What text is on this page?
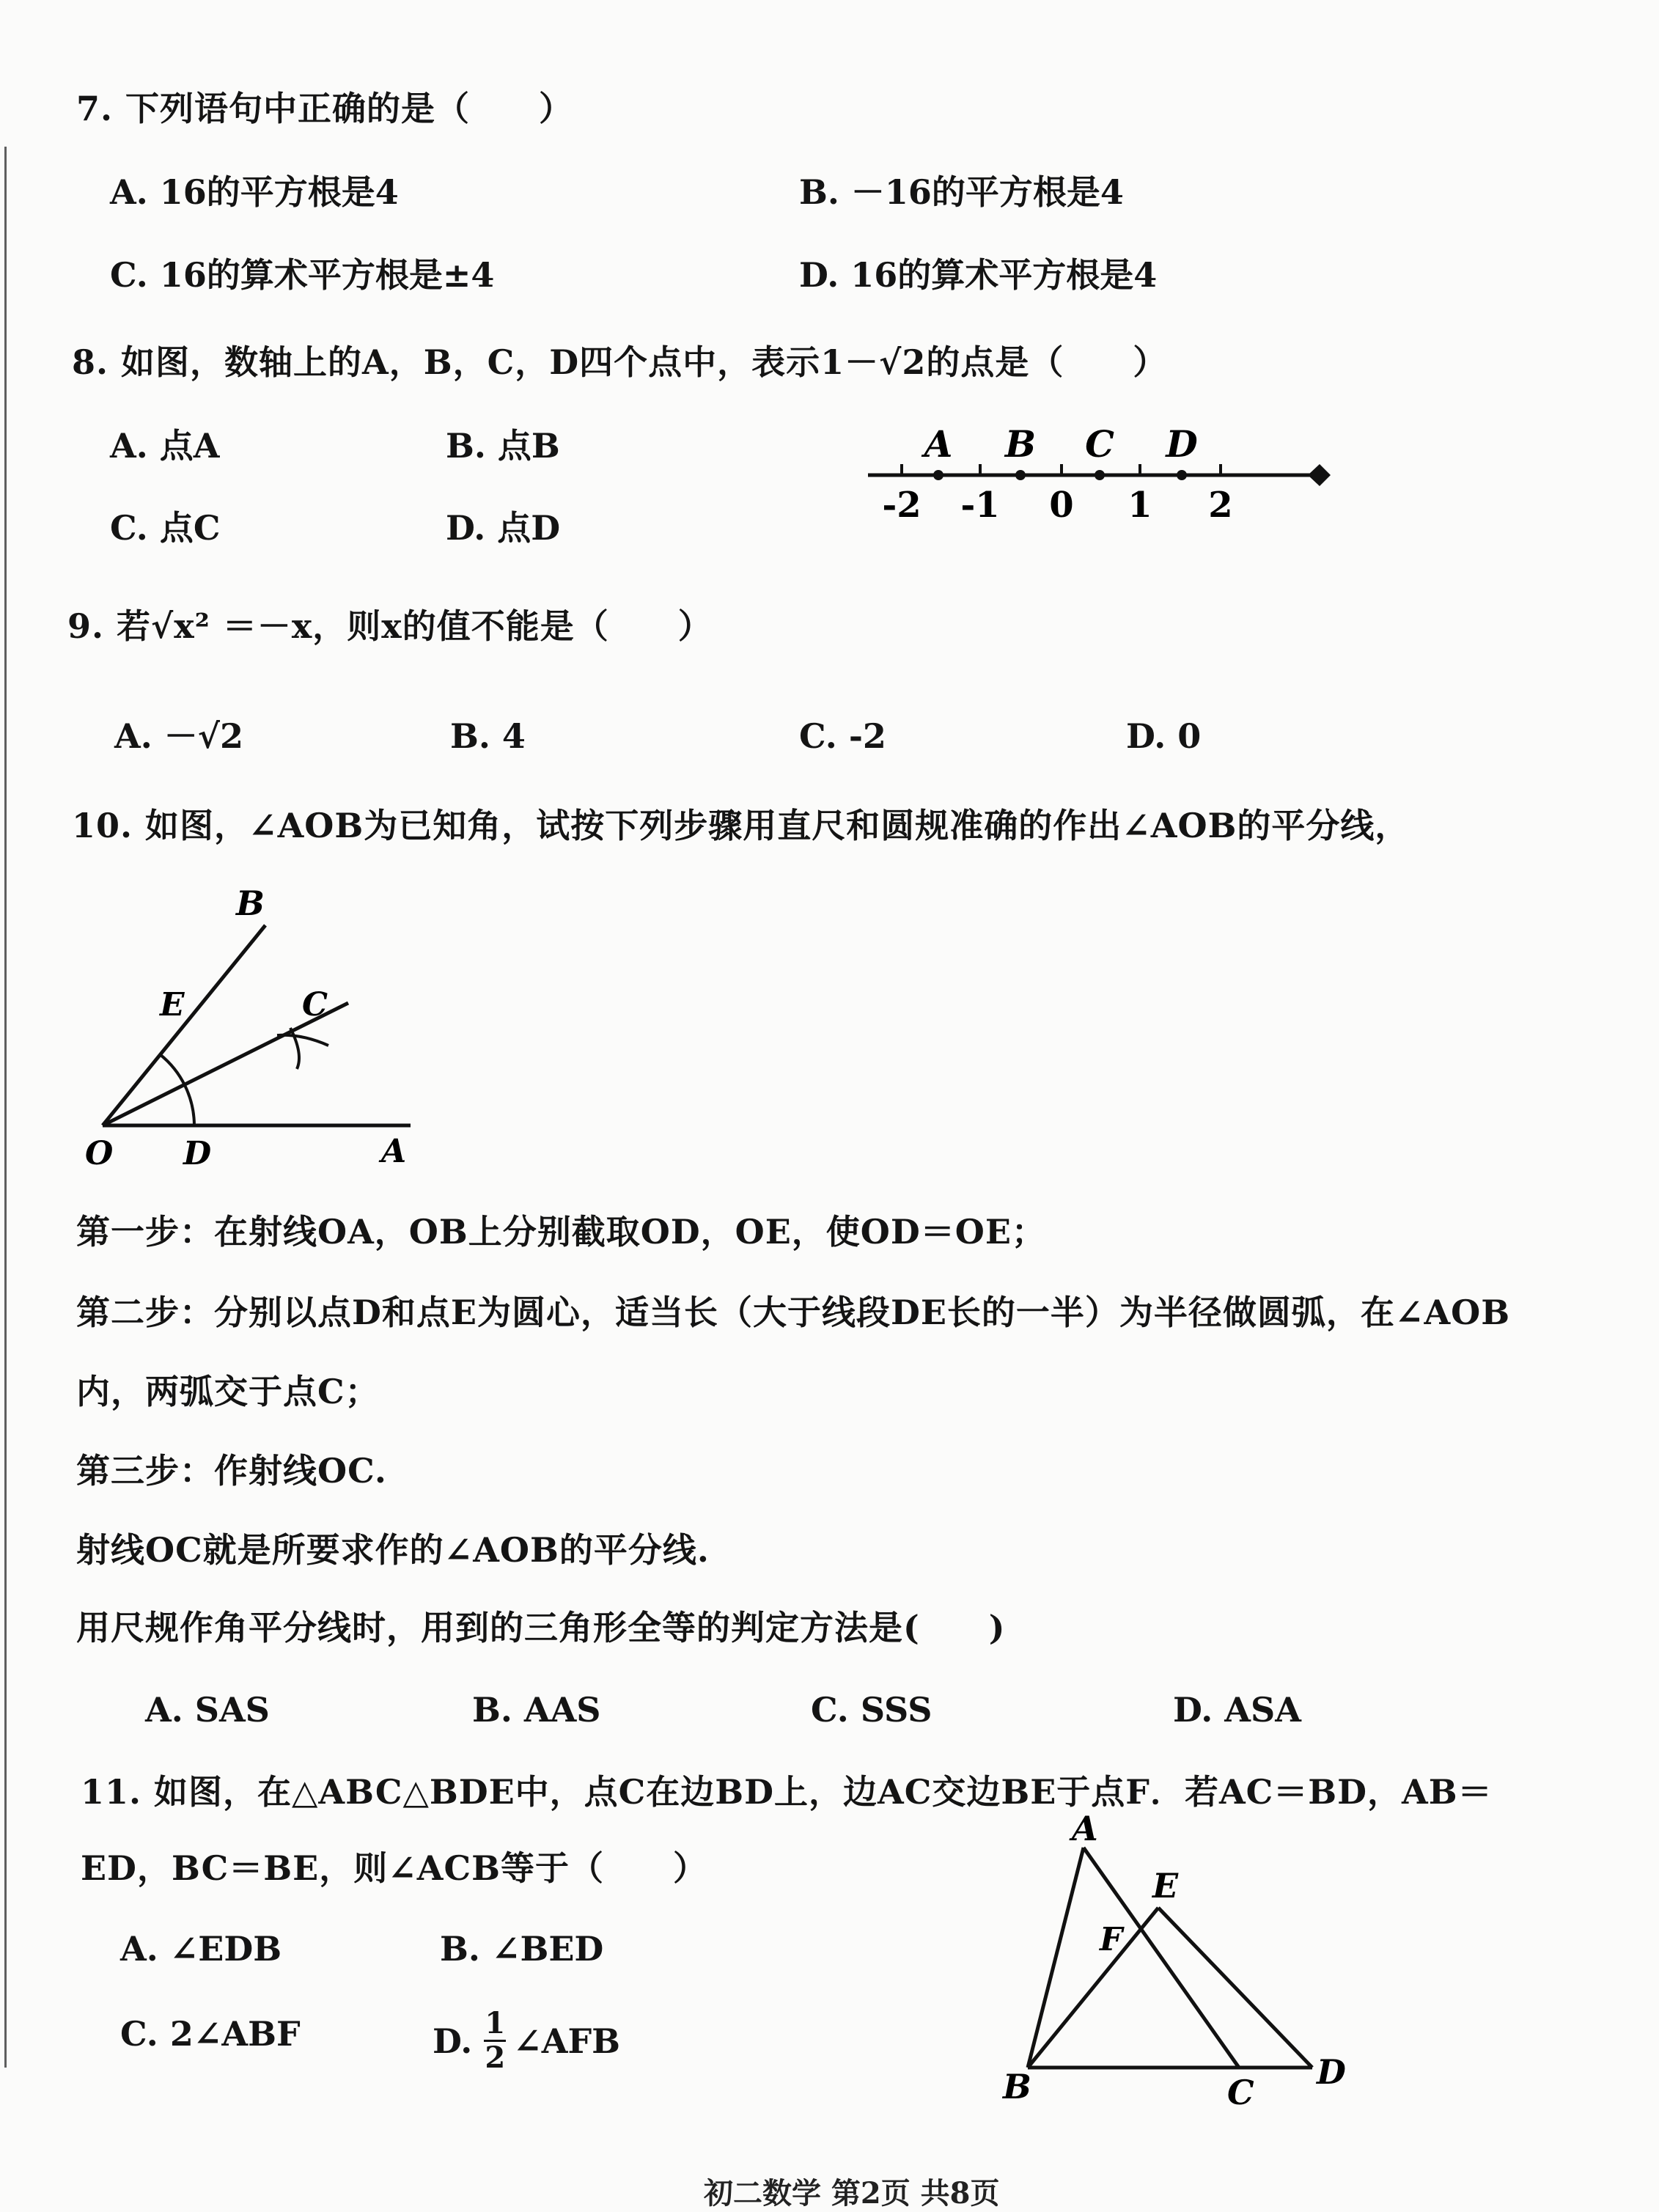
7. 下列语句中正确的是（　　）
A. 16的平方根是4	B. －16的平方根是4
C. 16的算术平方根是±4	D. 16的算术平方根是4
8. 如图，数轴上的A，B，C，D四个点中，表示1－√2的点是（　　）
A. 点A	B. 点B
C. 点C	D. 点D
A B C D
-2 -1 0 1 2
9. 若√x² ＝－x，则x的值不能是（　　）
A. －√2	B. 4	C. -2	D. 0
10. 如图，∠AOB为已知角，试按下列步骤用直尺和圆规准确的作出∠AOB的平分线，
B
E	C
O D	A
第一步：在射线OA，OB上分别截取OD，OE，使OD＝OE；
第二步：分别以点D和点E为圆心，适当长（大于线段DE长的一半）为半径做圆弧，在∠AOB
内，两弧交于点C；
第三步：作射线OC.
射线OC就是所要求作的∠AOB的平分线.
用尺规作角平分线时，用到的三角形全等的判定方法是(　　)
A. SAS	B. AAS	C. SSS	D. ASA
11. 如图，在△ABC△BDE中，点C在边BD上，边AC交边BE于点F．若AC＝BD，AB＝
ED，BC＝BE，则∠ACB等于（　　）
A. ∠EDB	B. ∠BED
C. 2∠ABF	D. 1
2 ∠AFB
A
E
F
B	C
D
初二数学 第2页 共8页
